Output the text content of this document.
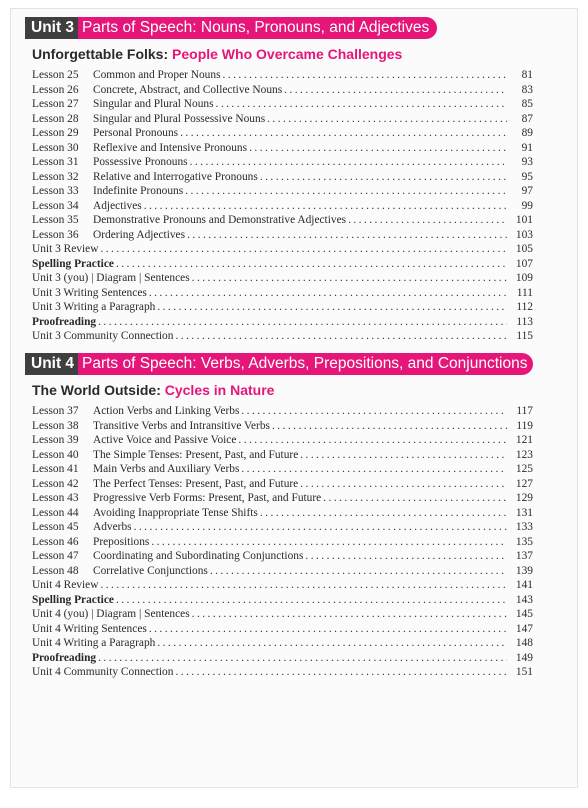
Unit 3 Parts of Speech: Nouns, Pronouns, and Adjectives
Unforgettable Folks: People Who Overcame Challenges
Lesson 25	Common and Proper Nouns . . .	81
Lesson 26	Concrete, Abstract, and Collective Nouns . . .	83
Lesson 27	Singular and Plural Nouns . . .	85
Lesson 28	Singular and Plural Possessive Nouns . . .	87
Lesson 29	Personal Pronouns . . .	89
Lesson 30	Reflexive and Intensive Pronouns . . .	91
Lesson 31	Possessive Pronouns . . .	93
Lesson 32	Relative and Interrogative Pronouns . . .	95
Lesson 33	Indefinite Pronouns . . .	97
Lesson 34	Adjectives . . .	99
Lesson 35	Demonstrative Pronouns and Demonstrative Adjectives . . .	101
Lesson 36	Ordering Adjectives . . .	103
Unit 3 Review . . .	105
Spelling Practice . . .	107
Unit 3 (you) | Diagram | Sentences . . .	109
Unit 3 Writing Sentences . . .	111
Unit 3 Writing a Paragraph . . .	112
Proofreading . . .	113
Unit 3 Community Connection . . .	115
Unit 4 Parts of Speech: Verbs, Adverbs, Prepositions, and Conjunctions
The World Outside: Cycles in Nature
Lesson 37	Action Verbs and Linking Verbs . . .	117
Lesson 38	Transitive Verbs and Intransitive Verbs . . .	119
Lesson 39	Active Voice and Passive Voice . . .	121
Lesson 40	The Simple Tenses: Present, Past, and Future . . .	123
Lesson 41	Main Verbs and Auxiliary Verbs . . .	125
Lesson 42	The Perfect Tenses: Present, Past, and Future . . .	127
Lesson 43	Progressive Verb Forms: Present, Past, and Future . . .	129
Lesson 44	Avoiding Inappropriate Tense Shifts . . .	131
Lesson 45	Adverbs . . .	133
Lesson 46	Prepositions . . .	135
Lesson 47	Coordinating and Subordinating Conjunctions . . .	137
Lesson 48	Correlative Conjunctions . . .	139
Unit 4 Review . . .	141
Spelling Practice . . .	143
Unit 4 (you) | Diagram | Sentences . . .	145
Unit 4 Writing Sentences . . .	147
Unit 4 Writing a Paragraph . . .	148
Proofreading . . .	149
Unit 4 Community Connection . . .	151
